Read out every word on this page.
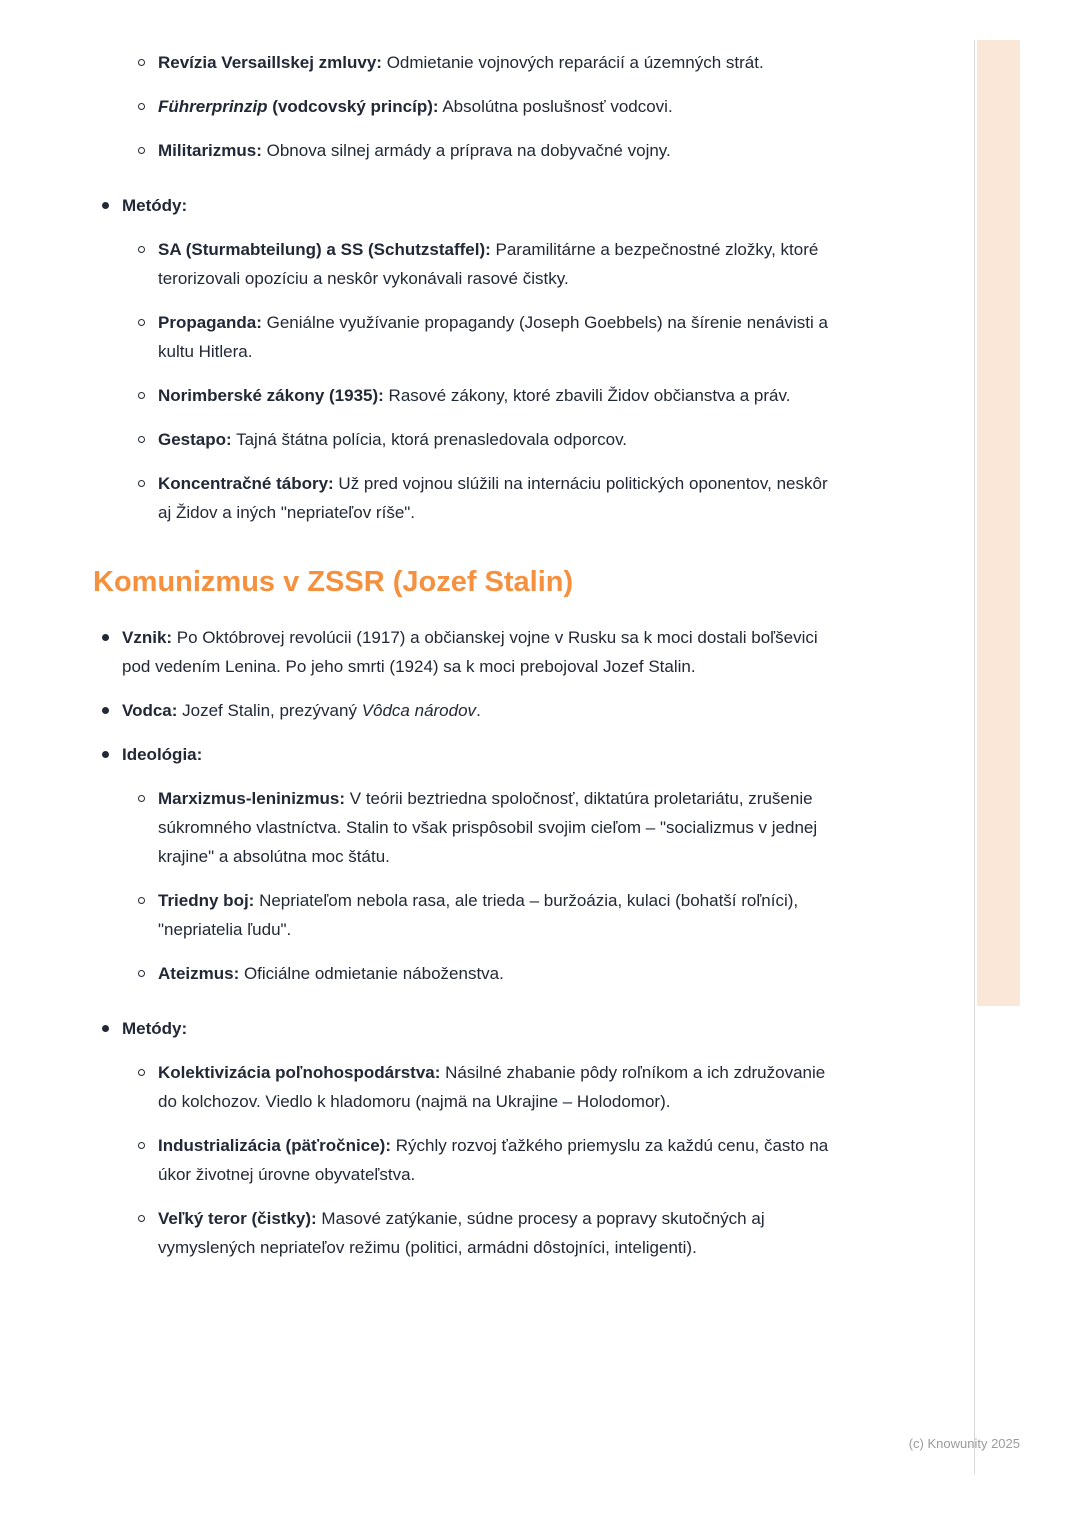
Revízia Versaillskej zmluvy: Odmietanie vojnových reparácií a územných strát.
Führerprinzip (vodcovský princíp): Absolútna poslušnosť vodcovi.
Militarizmus: Obnova silnej armády a príprava na dobyvačné vojny.
Metódy:
SA (Sturmabteilung) a SS (Schutzstaffel): Paramilitárne a bezpečnostné zložky, ktoré terorizovali opozíciu a neskôr vykonávali rasové čistky.
Propaganda: Geniálne využívanie propagandy (Joseph Goebbels) na šírenie nenávisti a kultu Hitlera.
Norimberské zákony (1935): Rasové zákony, ktoré zbavili Židov občianstva a práv.
Gestapo: Tajná štátna polícia, ktorá prenasledovala odporcov.
Koncentračné tábory: Už pred vojnou slúžili na internáciu politických oponentov, neskôr aj Židov a iných "nepriateľov ríše".
Komunizmus v ZSSR (Jozef Stalin)
Vznik: Po Októbrovej revolúcii (1917) a občianskej vojne v Rusku sa k moci dostali boľševici pod vedením Lenina. Po jeho smrti (1924) sa k moci prebojoval Jozef Stalin.
Vodca: Jozef Stalin, prezývaný Vôdca národov.
Ideológia:
Marxizmus-leninizmus: V teórii beztriedna spoločnosť, diktatúra proletariátu, zrušenie súkromného vlastníctva. Stalin to však prispôsobil svojim cieľom – "socializmus v jednej krajine" a absolútna moc štátu.
Triedny boj: Nepriateľom nebola rasa, ale trieda – buržoázia, kulaci (bohatší roľníci), "nepriatelia ľudu".
Ateizmus: Oficiálne odmietanie náboženstva.
Metódy:
Kolektivizácia poľnohospodárstva: Násilné zhabanie pôdy roľníkom a ich združovanie do kolchozov. Viedlo k hladomoru (najmä na Ukrajine – Holodomor).
Industrializácia (päťročnice): Rýchly rozvoj ťažkého priemyslu za každú cenu, často na úkor životnej úrovne obyvateľstva.
Veľký teror (čistky): Masové zatýkanie, súdne procesy a popravy skutočných aj vymyslených nepriateľov režimu (politici, armádni dôstojníci, inteligenti).
(c) Knowunity 2025
